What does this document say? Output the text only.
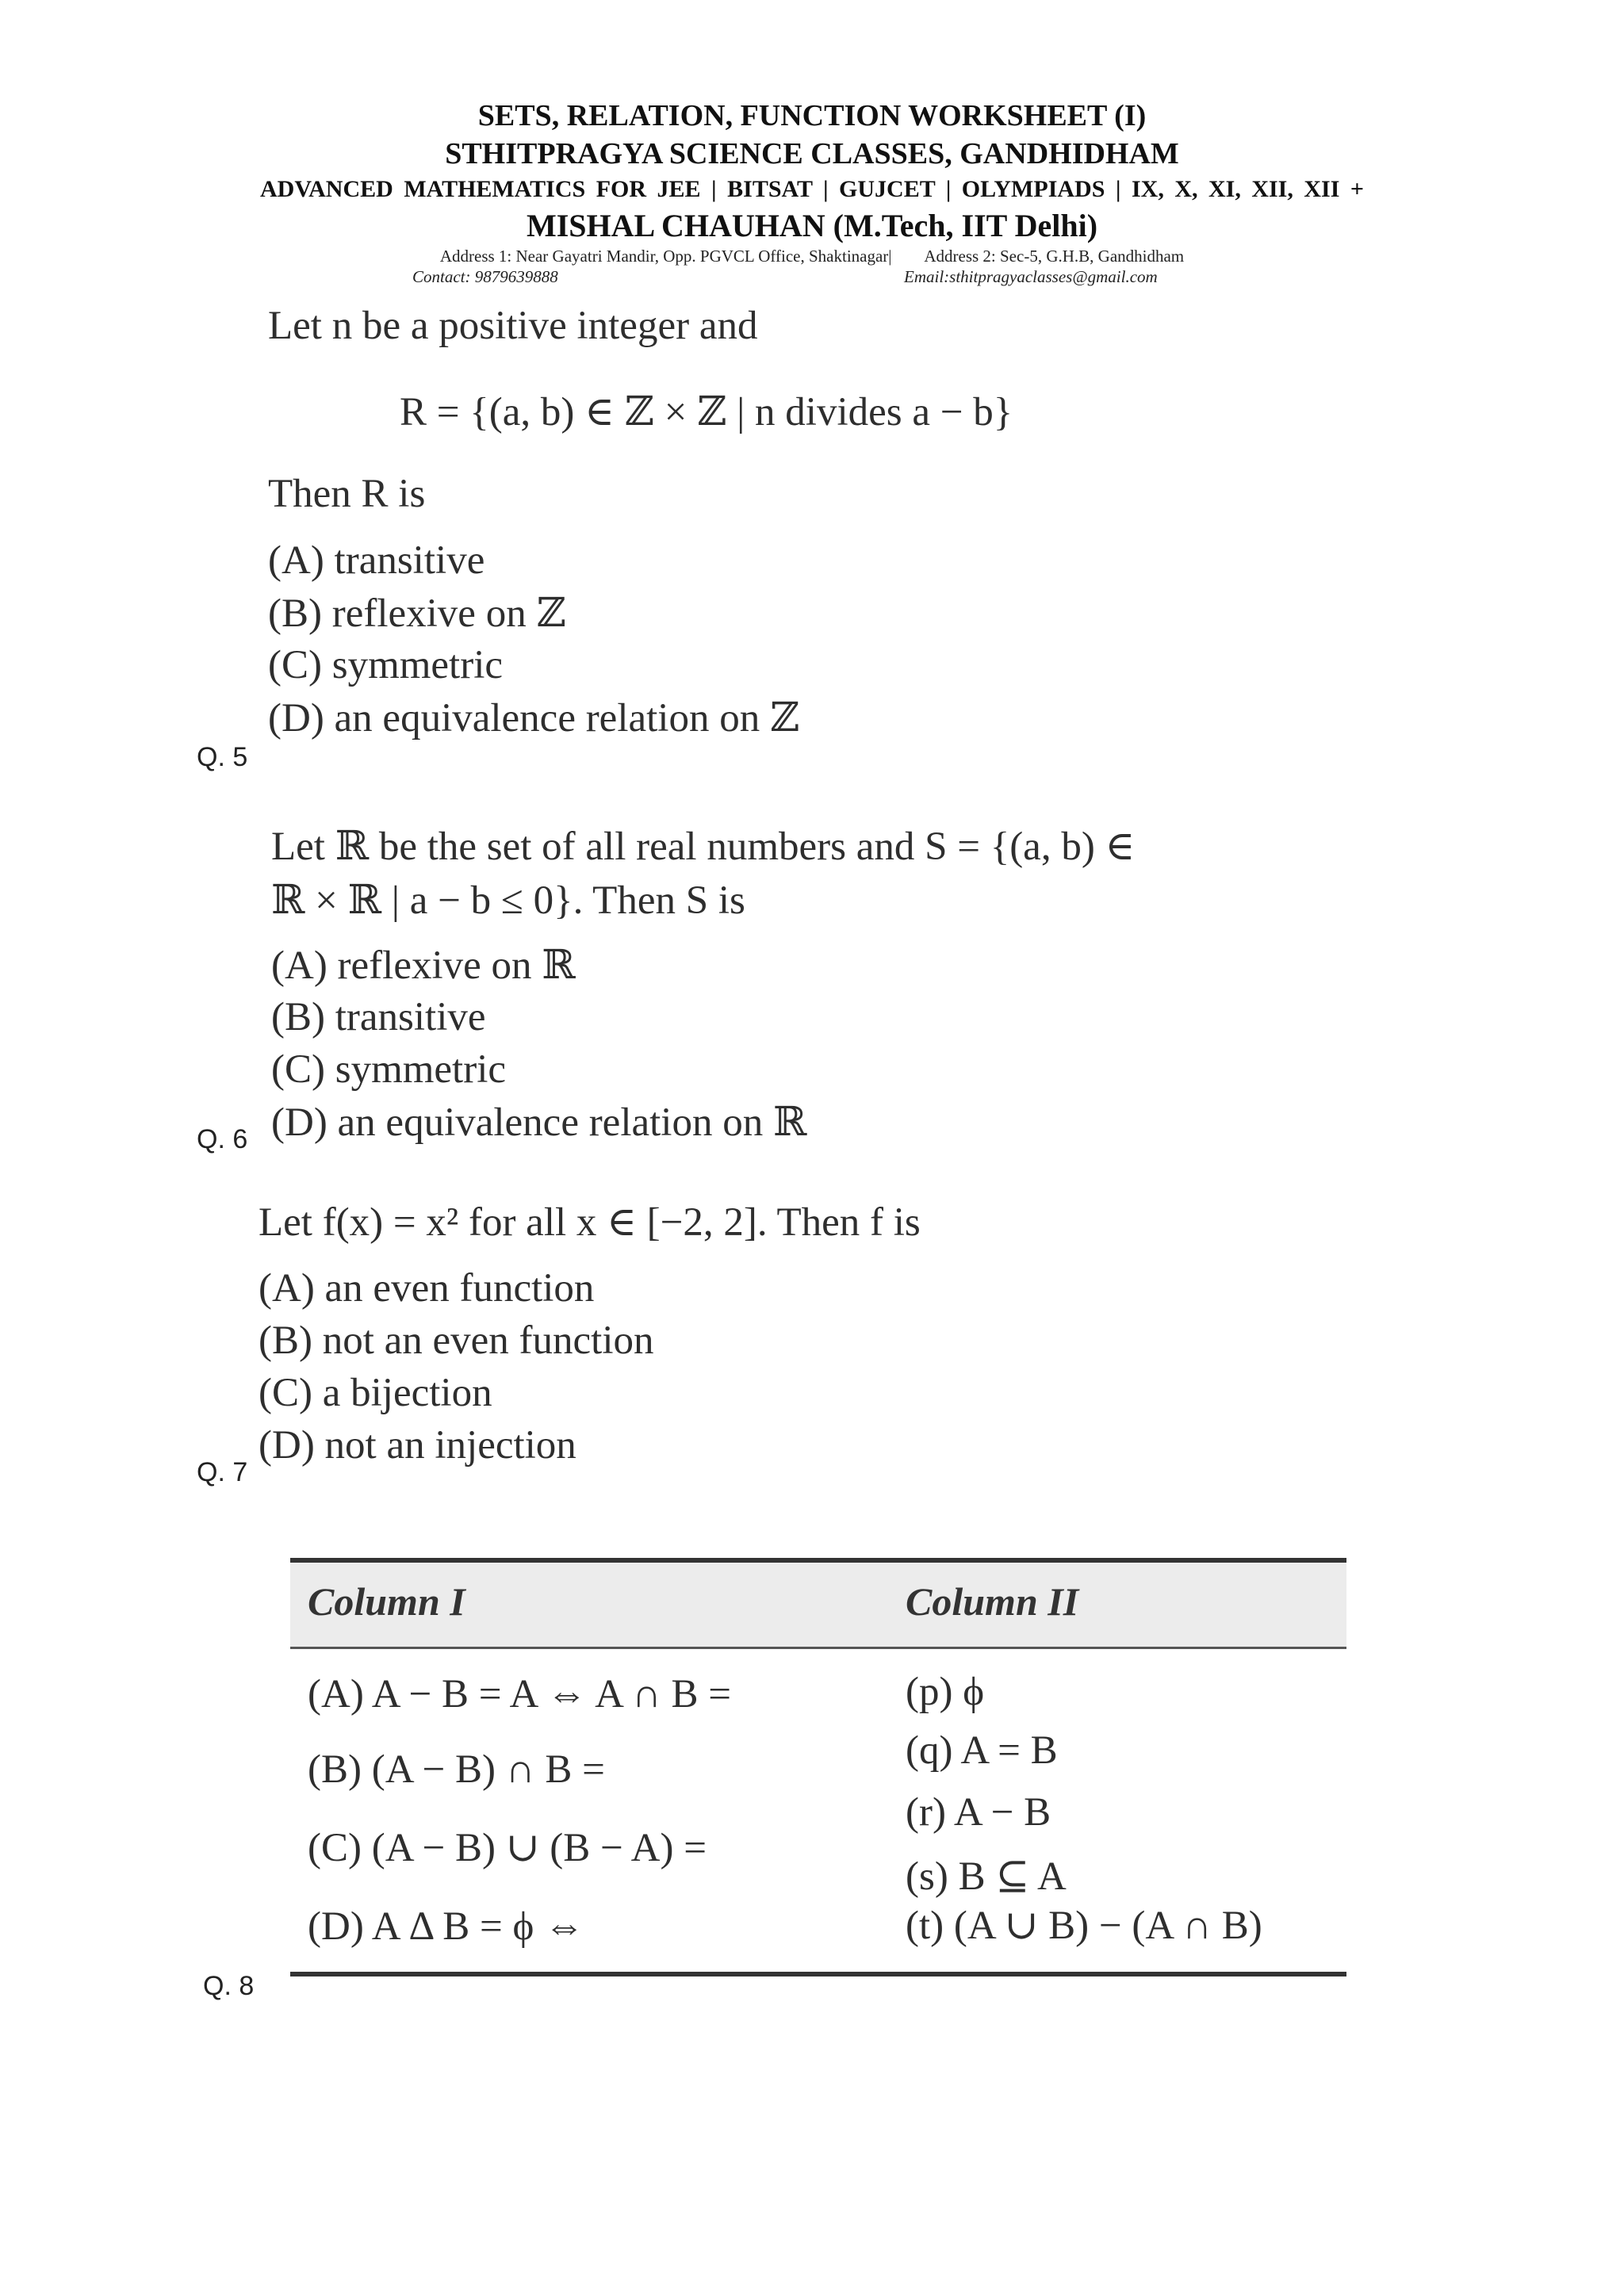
SETS, RELATION, FUNCTION WORKSHEET (I)
STHITPRAGYA SCIENCE CLASSES, GANDHIDHAM
ADVANCED MATHEMATICS FOR JEE | BITSAT | GUJCET | OLYMPIADS | IX, X, XI, XII, XII +
MISHAL CHAUHAN (M.Tech, IIT Delhi)
Address 1: Near Gayatri Mandir, Opp. PGVCL Office, Shaktinagar| Address 2: Sec-5, G.H.B, Gandhidham
Contact: 9879639888	Email:sthitpragyaclasses@gmail.com
Let n be a positive integer and
R = {(a, b) ∈ ℤ × ℤ | n divides a − b}
Then R is
(A) transitive
(B) reflexive on ℤ
(C) symmetric
(D) an equivalence relation on ℤ
Q. 5
Let ℝ be the set of all real numbers and S = {(a, b) ∈
ℝ × ℝ | a − b ≤ 0}. Then S is
(A) reflexive on ℝ
(B) transitive
(C) symmetric
(D) an equivalence relation on ℝ
Q. 6
Let f(x) = x² for all x ∈ [−2, 2]. Then f is
(A) an even function
(B) not an even function
(C) a bijection
(D) not an injection
Q. 7
Column I	Column II
(A) A − B = A ⇔ A ∩ B =
(B) (A − B) ∩ B =
(C) (A − B) ∪ (B − A) =
(D) A Δ B = ϕ ⇔
(p) ϕ
(q) A = B
(r) A − B
(s) B ⊆ A
(t) (A ∪ B) − (A ∩ B)
Q. 8
